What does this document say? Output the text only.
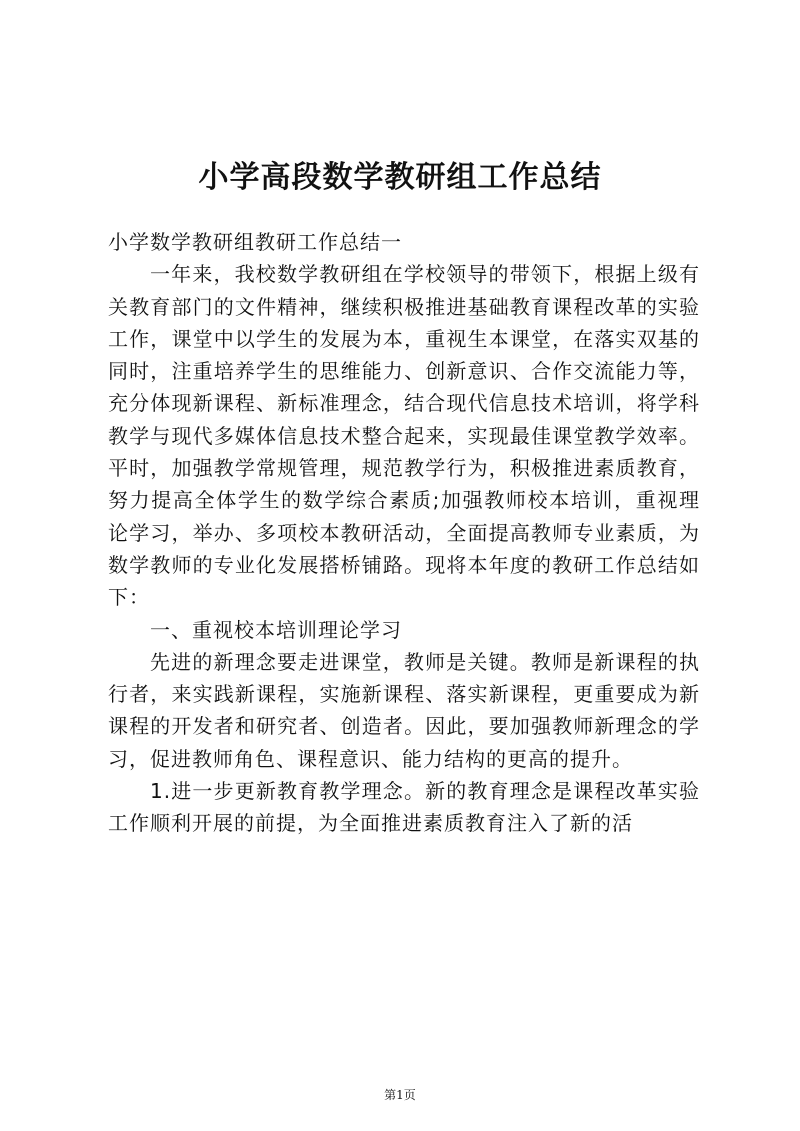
小学高段数学教研组工作总结

小学数学教研组教研工作总结一

一年来，我校数学教研组在学校领导的带领下，根据上级有关教育部门的文件精神，继续积极推进基础教育课程改革的实验工作，课堂中以学生的发展为本，重视生本课堂，在落实双基的同时，注重培养学生的思维能力、创新意识、合作交流能力等，充分体现新课程、新标准理念，结合现代信息技术培训，将学科教学与现代多媒体信息技术整合起来，实现最佳课堂教学效率。平时，加强教学常规管理，规范教学行为，积极推进素质教育，努力提高全体学生的数学综合素质;加强教师校本培训，重视理论学习，举办、多项校本教研活动，全面提高教师专业素质，为数学教师的专业化发展搭桥铺路。现将本年度的教研工作总结如下：

一、重视校本培训理论学习

先进的新理念要走进课堂，教师是关键。教师是新课程的执行者，来实践新课程，实施新课程、落实新课程，更重要成为新课程的开发者和研究者、创造者。因此，要加强教师新理念的学习，促进教师角色、课程意识、能力结构的更高的提升。

1.进一步更新教育教学理念。新的教育理念是课程改革实验工作顺利开展的前提，为全面推进素质教育注入了新的活

第1页
